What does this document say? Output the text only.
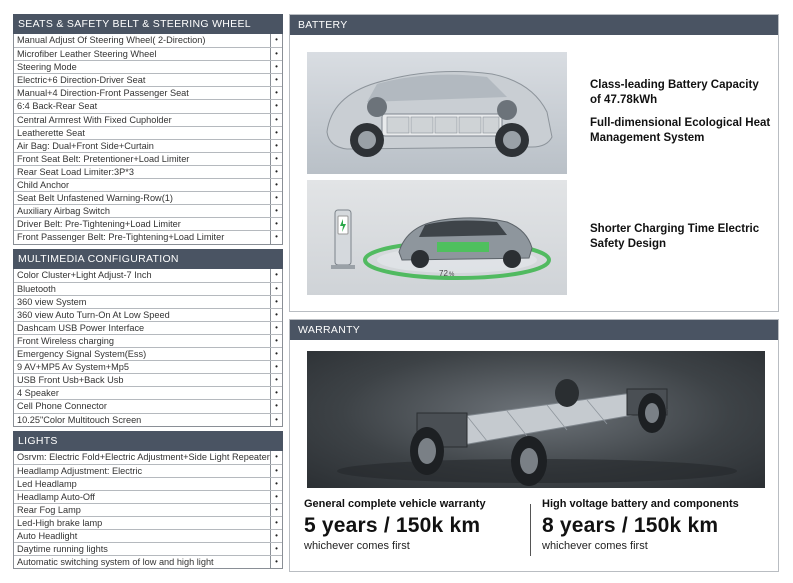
SEATS & SAFETY BELT & STEERING WHEEL
Manual Adjust Of Steering Wheel( 2-Direction)	•
Microfiber Leather Steering Wheel	•
Steering Mode	•
Electric+6 Direction-Driver Seat	•
Manual+4 Direction-Front Passenger Seat	•
6:4 Back-Rear Seat	•
Central Armrest With Fixed Cupholder	•
Leatherette Seat	•
Air Bag: Dual+Front Side+Curtain	•
Front Seat Belt: Pretentioner+Load Limiter	•
Rear Seat Load Limiter:3P*3	•
Child Anchor	•
Seat Belt Unfastened Warning-Row(1)	•
Auxiliary Airbag Switch	•
Driver Belt: Pre-Tightening+Load Limiter	•
Front Passenger Belt: Pre-Tightening+Load Limiter	•
MULTIMEDIA CONFIGURATION
Color Cluster+Light Adjust-7 Inch	•
Bluetooth	•
360 view System	•
360 view Auto Turn-On At Low Speed	•
Dashcam USB Power Interface	•
Front Wireless charging	•
Emergency Signal System(Ess)	•
9 AV+MP5 Av System+Mp5	•
USB Front Usb+Back Usb	•
4 Speaker	•
Cell Phone Connector	•
10.25"Color Multitouch Screen	•
LIGHTS
Osrvm: Electric Fold+Electric Adjustment+Side Light Repeater •
Headlamp Adjustment: Electric	•
Led Headlamp	•
Headlamp Auto-Off	•
Rear Fog Lamp	•
Led-High brake lamp	•
Auto Headlight	•
Daytime running lights	•
Automatic switching system of low and high light	•
BATTERY
Class-leading Battery Capacity of 47.78kWh
Full-dimensional Ecological Heat Management System
72 %
Shorter Charging Time Electric Safety Design
WARRANTY
General complete vehicle warranty
5 years / 150k km
whichever comes first
High voltage battery and components
8 years / 150k km
whichever comes first
